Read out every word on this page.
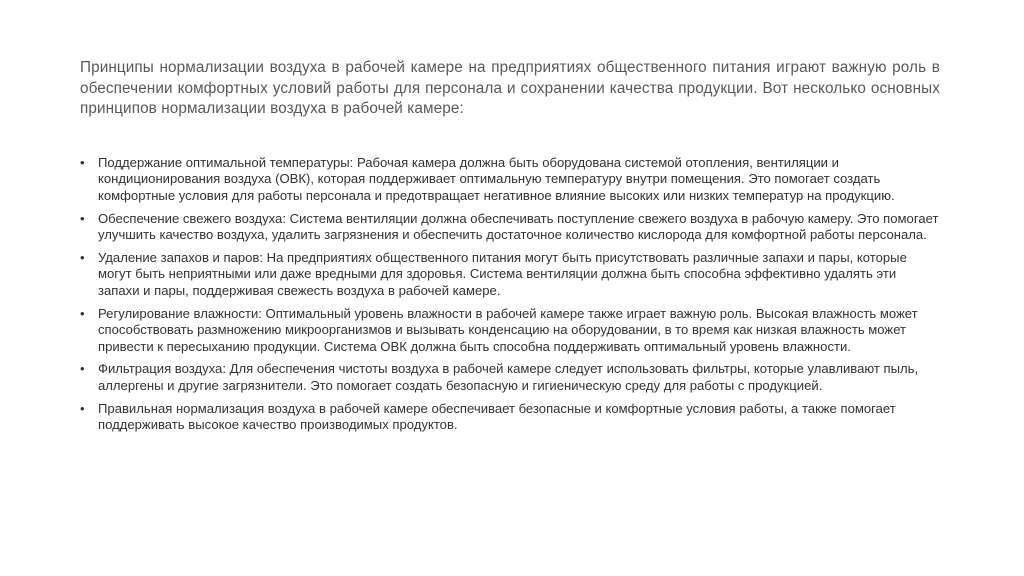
Принципы нормализации воздуха в рабочей камере на предприятиях общественного питания играют важную роль в обеспечении комфортных условий работы для персонала и сохранении качества продукции. Вот несколько основных принципов нормализации воздуха в рабочей камере:

• Поддержание оптимальной температуры: Рабочая камера должна быть оборудована системой отопления, вентиляции и кондиционирования воздуха (ОВК), которая поддерживает оптимальную температуру внутри помещения. Это помогает создать комфортные условия для работы персонала и предотвращает негативное влияние высоких или низких температур на продукцию.
• Обеспечение свежего воздуха: Система вентиляции должна обеспечивать поступление свежего воздуха в рабочую камеру. Это помогает улучшить качество воздуха, удалить загрязнения и обеспечить достаточное количество кислорода для комфортной работы персонала.
• Удаление запахов и паров: На предприятиях общественного питания могут быть присутствовать различные запахи и пары, которые могут быть неприятными или даже вредными для здоровья. Система вентиляции должна быть способна эффективно удалять эти запахи и пары, поддерживая свежесть воздуха в рабочей камере.
• Регулирование влажности: Оптимальный уровень влажности в рабочей камере также играет важную роль. Высокая влажность может способствовать размножению микроорганизмов и вызывать конденсацию на оборудовании, в то время как низкая влажность может привести к пересыханию продукции. Система ОВК должна быть способна поддерживать оптимальный уровень влажности.
• Фильтрация воздуха: Для обеспечения чистоты воздуха в рабочей камере следует использовать фильтры, которые улавливают пыль, аллергены и другие загрязнители. Это помогает создать безопасную и гигиеническую среду для работы с продукцией.
• Правильная нормализация воздуха в рабочей камере обеспечивает безопасные и комфортные условия работы, а также помогает поддерживать высокое качество производимых продуктов.
